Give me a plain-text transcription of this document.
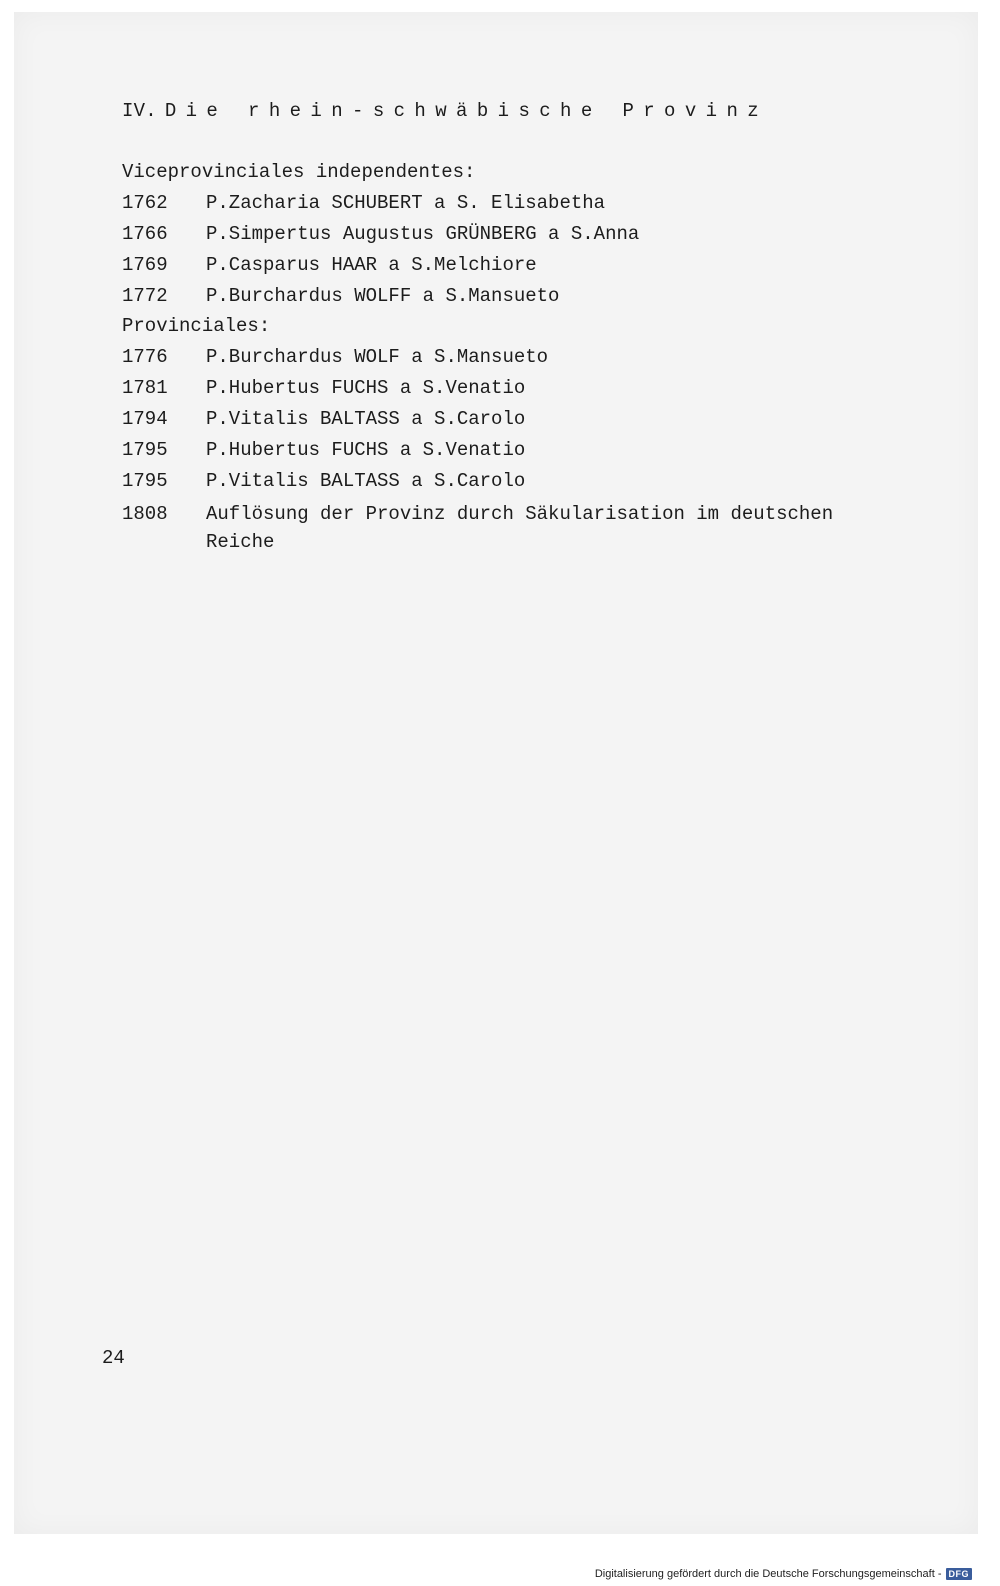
IV. Die rhein-schwäbische Provinz
Viceprovinciales independentes:
1762 P.Zacharia SCHUBERT a S. Elisabetha
1766 P.Simpertus Augustus GRÜNBERG a S.Anna
1769 P.Casparus HAAR a S.Melchiore
1772 P.Burchardus WOLFF a S.Mansueto
Provinciales:
1776 P.Burchardus WOLF a S.Mansueto
1781 P.Hubertus FUCHS a S.Venatio
1794 P.Vitalis BALTASS a S.Carolo
1795 P.Hubertus FUCHS a S.Venatio
1795 P.Vitalis BALTASS a S.Carolo
1808 Auflösung der Provinz durch Säkularisation im deutschen
Reiche
24
Digitalisierung gefördert durch die Deutsche Forschungsgemeinschaft - DFG
